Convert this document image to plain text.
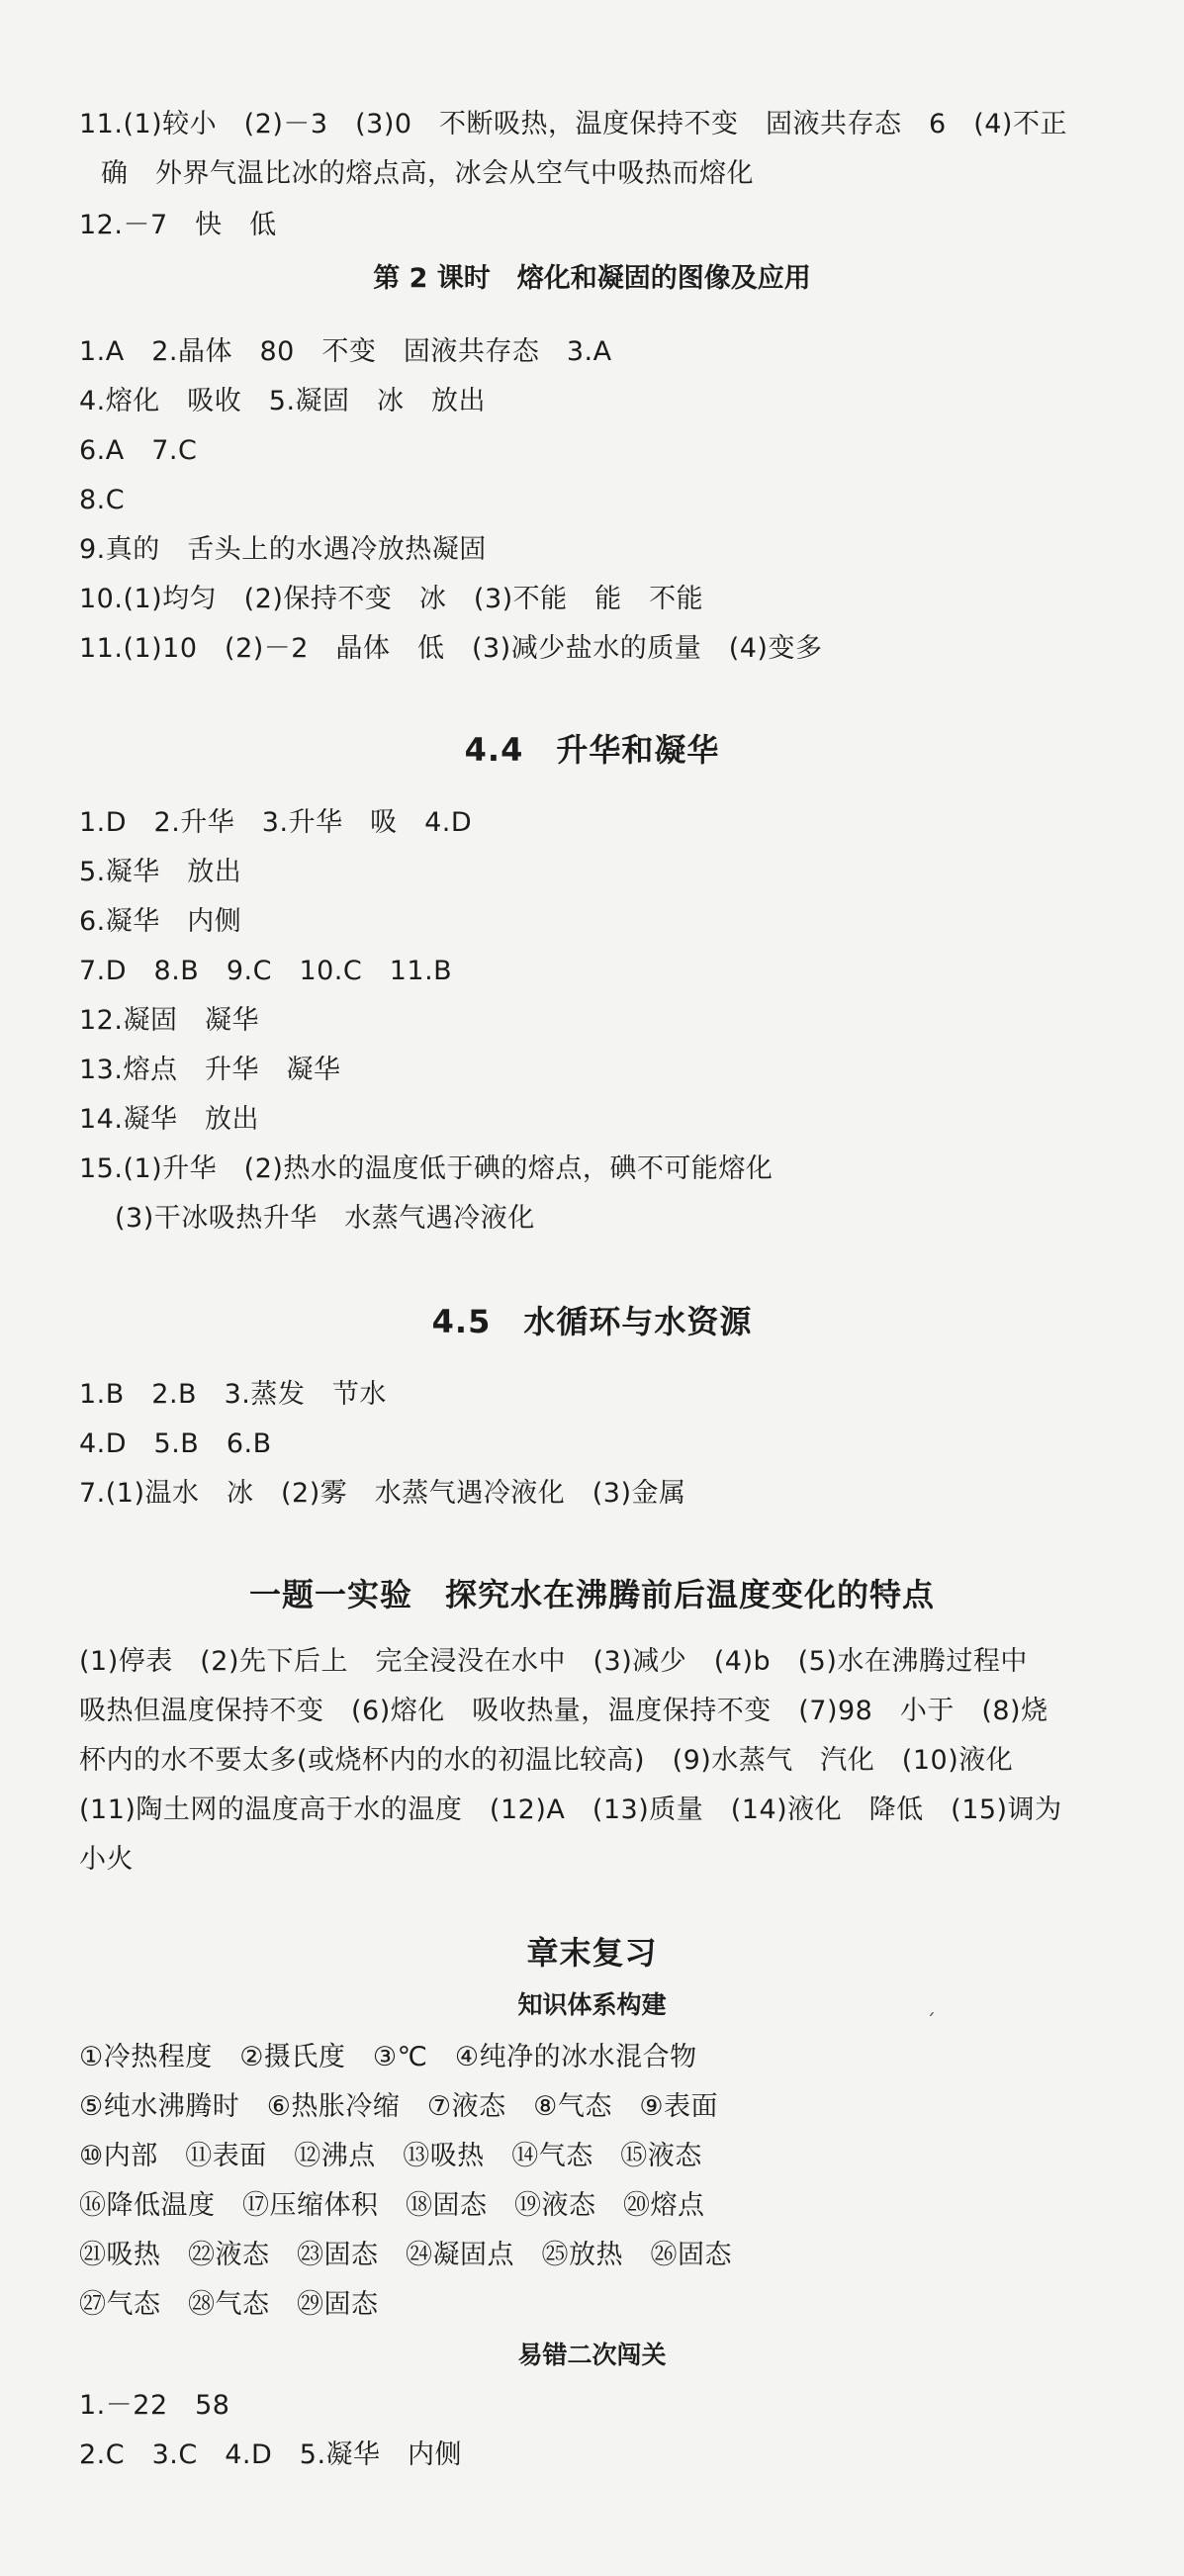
11.(1)较小　(2)－3　(3)0　不断吸热，温度保持不变　固液共存态　6　(4)不正
确　外界气温比冰的熔点高，冰会从空气中吸热而熔化
12.－7　快　低
第 2 课时　熔化和凝固的图像及应用
1.A　2.晶体　80　不变　固液共存态　3.A
4.熔化　吸收　5.凝固　冰　放出
6.A　7.C
8.C
9.真的　舌头上的水遇冷放热凝固
10.(1)均匀　(2)保持不变　冰　(3)不能　能　不能
11.(1)10　(2)－2　晶体　低　(3)减少盐水的质量　(4)变多
4.4　升华和凝华
1.D　2.升华　3.升华　吸　4.D
5.凝华　放出
6.凝华　内侧
7.D　8.B　9.C　10.C　11.B
12.凝固　凝华
13.熔点　升华　凝华
14.凝华　放出
15.(1)升华　(2)热水的温度低于碘的熔点，碘不可能熔化
(3)干冰吸热升华　水蒸气遇冷液化
4.5　水循环与水资源
1.B　2.B　3.蒸发　节水
4.D　5.B　6.B
7.(1)温水　冰　(2)雾　水蒸气遇冷液化　(3)金属
一题一实验　探究水在沸腾前后温度变化的特点
(1)停表　(2)先下后上　完全浸没在水中　(3)减少　(4)b　(5)水在沸腾过程中
吸热但温度保持不变　(6)熔化　吸收热量，温度保持不变　(7)98　小于　(8)烧
杯内的水不要太多(或烧杯内的水的初温比较高)　(9)水蒸气　汽化　(10)液化
(11)陶土网的温度高于水的温度　(12)A　(13)质量　(14)液化　降低　(15)调为
小火
章末复习
知识体系构建	ˏ
①冷热程度　②摄氏度　③℃　④纯净的冰水混合物
⑤纯水沸腾时　⑥热胀冷缩　⑦液态　⑧气态　⑨表面
⑩内部　⑪表面　⑫沸点　⑬吸热　⑭气态　⑮液态
⑯降低温度　⑰压缩体积　⑱固态　⑲液态　⑳熔点
㉑吸热　㉒液态　㉓固态　㉔凝固点　㉕放热　㉖固态
㉗气态　㉘气态　㉙固态
易错二次闯关
1.－22　58
2.C　3.C　4.D　5.凝华　内侧
